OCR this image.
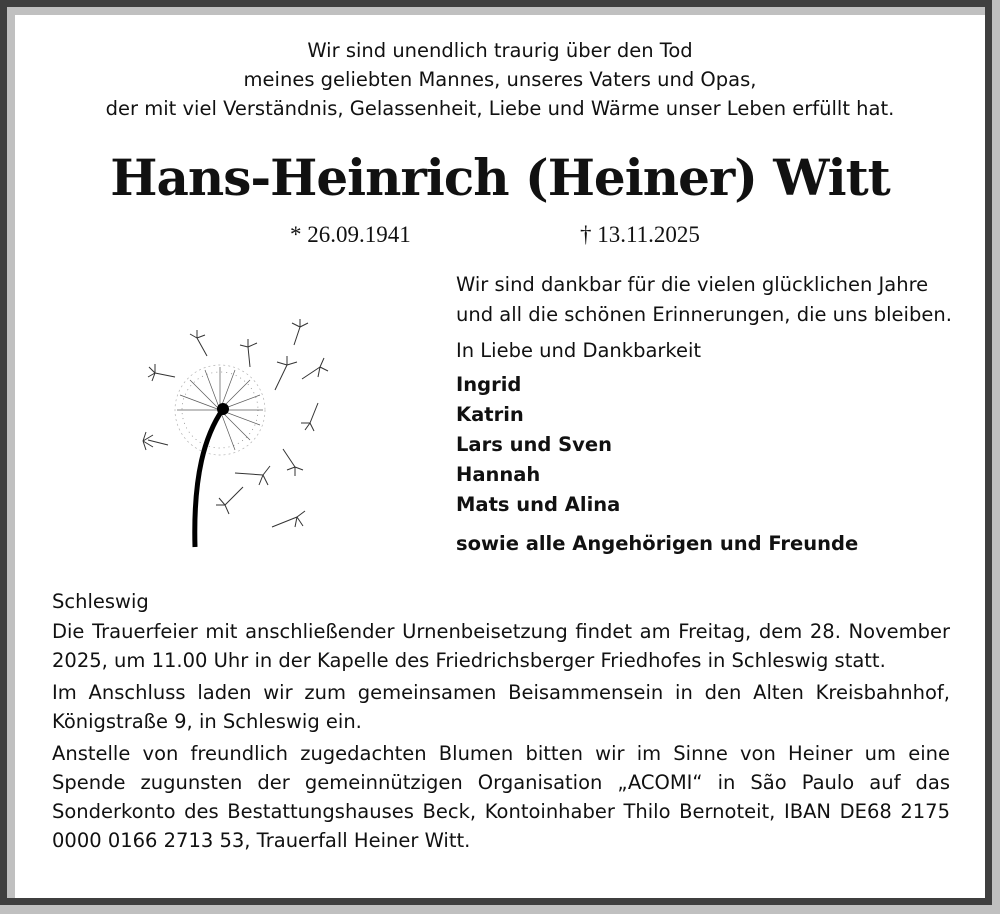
Wir sind unendlich traurig über den Tod
meines geliebten Mannes, unseres Vaters und Opas,
der mit viel Verständnis, Gelassenheit, Liebe und Wärme unser Leben erfüllt hat.
Hans-Heinrich (Heiner) Witt
* 26.09.1941	† 13.11.2025
Wir sind dankbar für die vielen glücklichen Jahre und all die schönen Erinnerungen, die uns bleiben.
In Liebe und Dankbarkeit
Ingrid
Katrin
Lars und Sven
Hannah
Mats und Alina
sowie alle Angehörigen und Freunde
Schleswig
Die Trauerfeier mit anschließender Urnenbeisetzung findet am Freitag, dem 28. November 2025, um 11.00 Uhr in der Kapelle des Friedrichsberger Friedhofes in Schleswig statt.
Im Anschluss laden wir zum gemeinsamen Beisammensein in den Alten Kreisbahnhof, Königstraße 9, in Schleswig ein.
Anstelle von freundlich zugedachten Blumen bitten wir im Sinne von Heiner um eine Spende zugunsten der gemeinnützigen Organisation „ACOMI“ in São Paulo auf das Sonderkonto des Bestattungshauses Beck, Kontoinhaber Thilo Bernoteit, IBAN DE68 2175 0000 0166 2713 53, Trauerfall Heiner Witt.
